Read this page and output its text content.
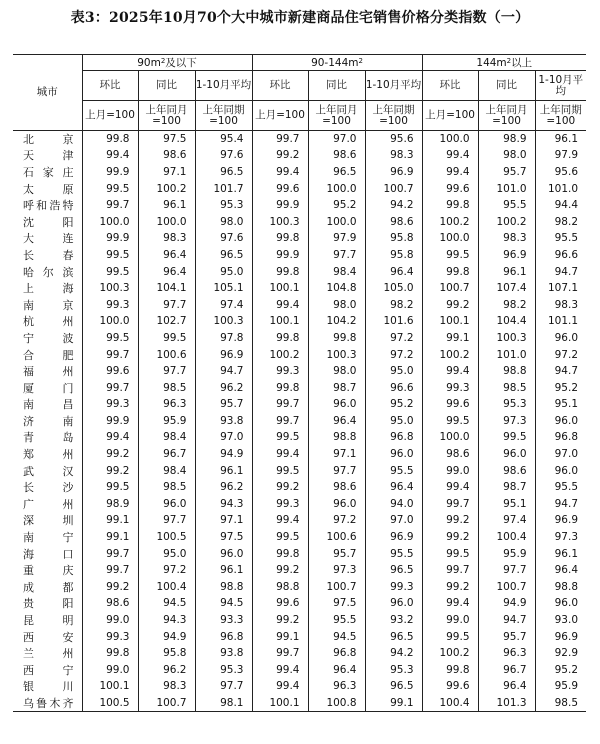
表3：2025年10月70个大中城市新建商品住宅销售价格分类指数（一）
城市	$90m^2$及以下			$90-144m^2$			$144m^2$以上		
	环比	同比	1-10月平均	环比	同比	1-10月平均	环比	同比	1-10月平均
	上月=100	上年同月=100	上年同期=100	上月=100	上年同月=100	上年同期=100	上月=100	上年同月=100	上年同期=100
北京	99.8	97.5	95.4	99.7	97.0	95.6	100.0	98.9	96.1
天津	99.4	98.6	97.6	99.2	98.6	98.3	99.4	98.0	97.9
石家庄	99.9	97.1	96.5	99.4	96.5	96.9	99.4	95.7	95.6
太原	99.5	100.2	101.7	99.6	100.0	100.7	99.6	101.0	101.0
呼和浩特	99.7	96.1	95.3	99.9	95.2	94.2	99.8	95.5	94.4
沈阳	100.0	100.0	98.0	100.3	100.0	98.6	100.2	100.2	98.2
大连	99.9	98.3	97.6	99.8	97.9	95.8	100.0	98.3	95.5
长春	99.5	96.4	96.5	99.9	97.7	95.8	99.5	96.9	96.6
哈尔滨	99.5	96.4	95.0	99.8	98.4	96.4	99.8	96.1	94.7
上海	100.3	104.1	105.1	100.1	104.8	105.0	100.7	107.4	107.1
南京	99.3	97.7	97.4	99.4	98.0	98.2	99.2	98.2	98.3
杭州	100.0	102.7	100.3	100.1	104.2	101.6	100.1	104.4	101.1
宁波	99.5	99.5	97.8	99.8	99.8	97.2	99.1	100.3	96.0
合肥	99.7	100.6	96.9	100.2	100.3	97.2	100.2	101.0	97.2
福州	99.6	97.7	94.7	99.3	98.0	95.0	99.4	98.8	94.7
厦门	99.7	98.5	96.2	99.8	98.7	96.6	99.3	98.5	95.2
南昌	99.3	96.3	95.7	99.7	96.0	95.2	99.6	95.3	95.1
济南	99.9	95.9	93.8	99.7	96.4	95.0	99.5	97.3	96.0
青岛	99.4	98.4	97.0	99.5	98.8	96.8	100.0	99.5	96.8
郑州	99.2	96.7	94.9	99.4	97.1	96.0	98.6	96.0	97.0
武汉	99.2	98.4	96.1	99.5	97.7	95.5	99.0	98.6	96.0
长沙	99.5	98.5	96.2	99.2	98.6	96.4	99.4	98.7	95.5
广州	98.9	96.0	94.3	99.3	96.0	94.0	99.7	95.1	94.7
深圳	99.1	97.7	97.1	99.4	97.2	97.0	99.2	97.4	96.9
南宁	99.1	100.5	97.5	99.5	100.6	96.9	99.2	100.4	97.3
海口	99.7	95.0	96.0	99.8	95.7	95.5	99.5	95.9	96.1
重庆	99.7	97.2	96.1	99.2	97.3	96.5	99.7	97.7	96.4
成都	99.2	100.4	98.8	98.8	100.7	99.3	99.2	100.7	98.8
贵阳	98.6	94.5	94.5	99.6	97.5	96.0	99.4	94.9	96.0
昆明	99.0	94.3	93.3	99.2	95.5	93.2	99.0	94.7	93.0
西安	99.3	94.9	96.8	99.1	94.5	96.5	99.5	95.7	96.9
兰州	99.8	95.8	93.8	99.7	96.8	94.2	100.2	96.3	92.9
西宁	99.0	96.2	95.3	99.4	96.4	95.3	99.8	96.7	95.2
银川	100.1	98.3	97.7	99.4	96.3	96.5	99.6	96.4	95.9
乌鲁木齐	100.5	100.7	98.1	100.1	100.8	99.1	100.4	101.3	98.5
